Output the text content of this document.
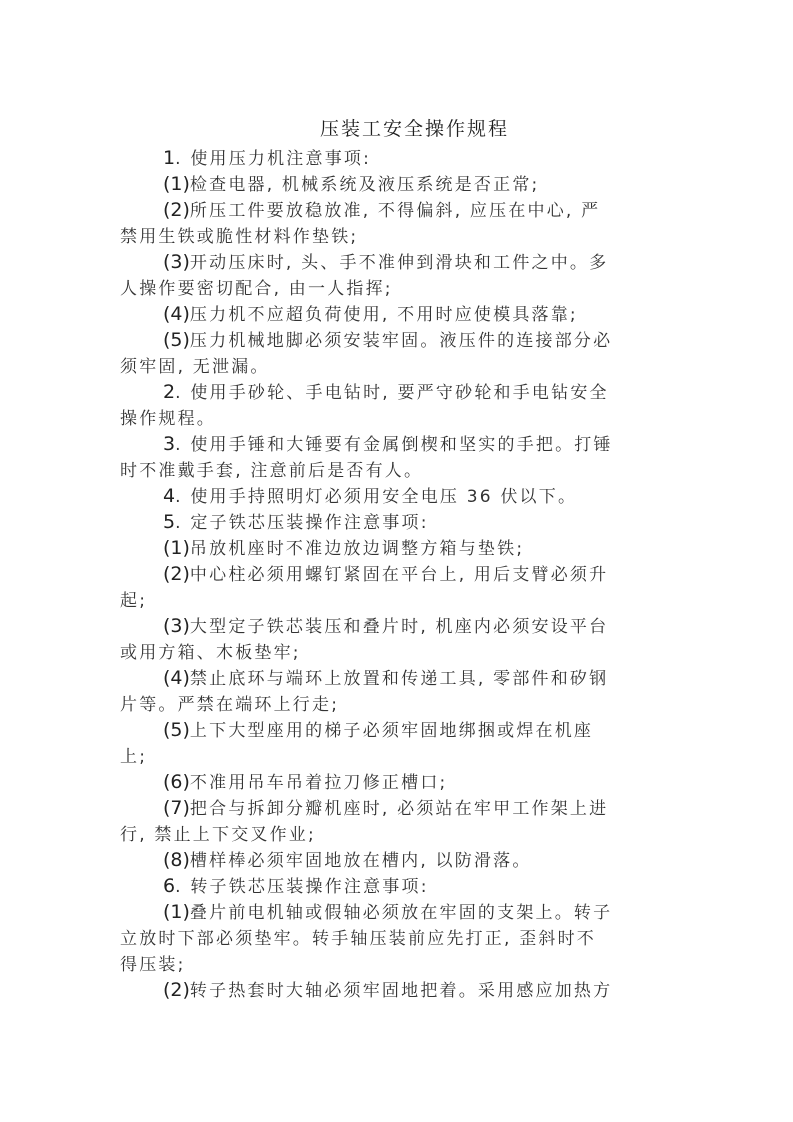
压装工安全操作规程
1. 使用压力机注意事项:
(1)检查电器, 机械系统及液压系统是否正常;
(2)所压工件要放稳放准, 不得偏斜, 应压在中心, 严
禁用生铁或脆性材料作垫铁;
(3)开动压床时, 头、手不准伸到滑块和工件之中。多
人操作要密切配合, 由一人指挥;
(4)压力机不应超负荷使用, 不用时应使模具落靠;
(5)压力机械地脚必须安装牢固。液压件的连接部分必
须牢固, 无泄漏。
2. 使用手砂轮、手电钻时, 要严守砂轮和手电钻安全
操作规程。
3. 使用手锤和大锤要有金属倒楔和坚实的手把。打锤
时不准戴手套, 注意前后是否有人。
4. 使用手持照明灯必须用安全电压 36 伏以下。
5. 定子铁芯压装操作注意事项:
(1)吊放机座时不准边放边调整方箱与垫铁;
(2)中心柱必须用螺钉紧固在平台上, 用后支臂必须升
起;
(3)大型定子铁芯装压和叠片时, 机座内必须安设平台
或用方箱、木板垫牢;
(4)禁止底环与端环上放置和传递工具, 零部件和矽钢
片等。严禁在端环上行走;
(5)上下大型座用的梯子必须牢固地绑捆或焊在机座
上;
(6)不准用吊车吊着拉刀修正槽口;
(7)把合与拆卸分瓣机座时, 必须站在牢甲工作架上进
行, 禁止上下交叉作业;
(8)槽样棒必须牢固地放在槽内, 以防滑落。
6. 转子铁芯压装操作注意事项:
(1)叠片前电机轴或假轴必须放在牢固的支架上。转子
立放时下部必须垫牢。转手轴压装前应先打正, 歪斜时不
得压装;
(2)转子热套时大轴必须牢固地把着。采用感应加热方
